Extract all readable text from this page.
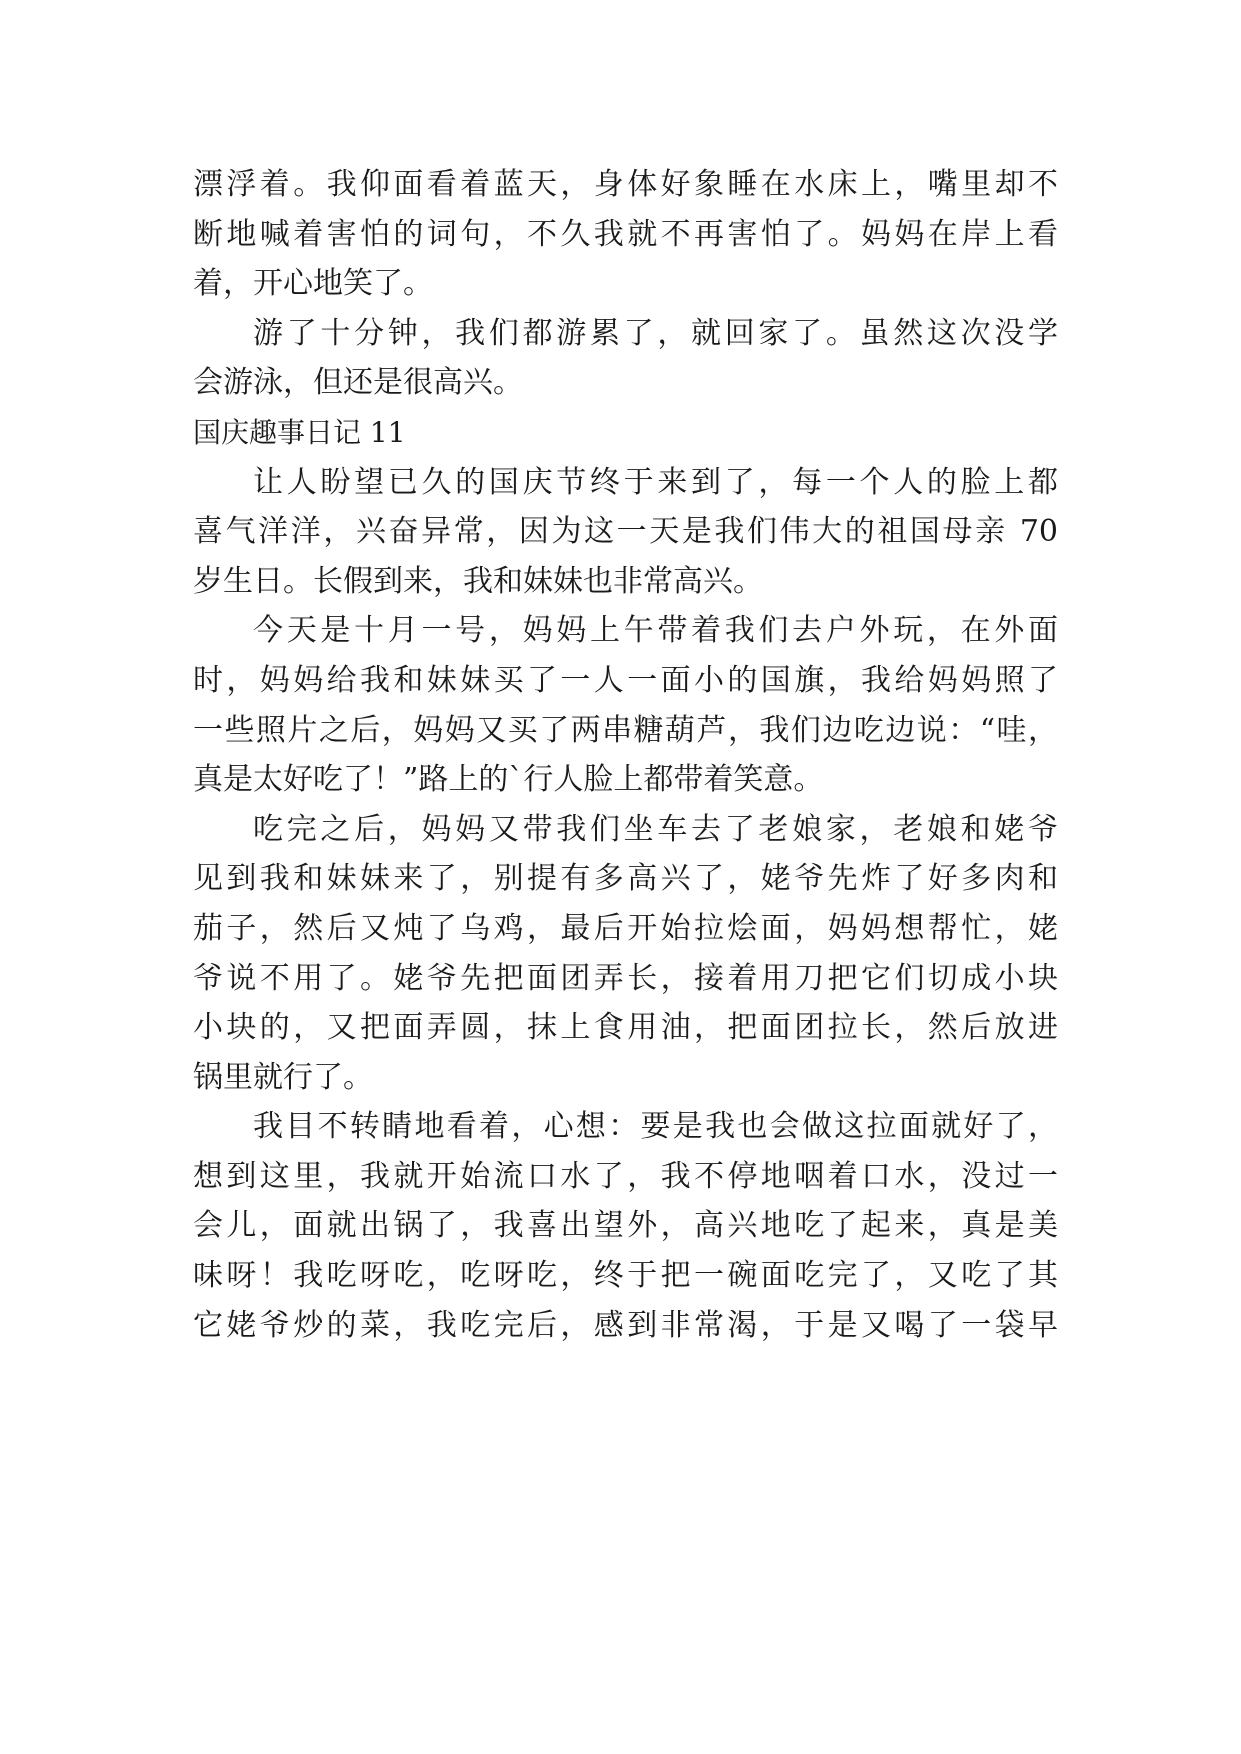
漂浮着。我仰面看着蓝天，身体好象睡在水床上，嘴里却不
断地喊着害怕的词句，不久我就不再害怕了。妈妈在岸上看
着，开心地笑了。
游了十分钟，我们都游累了，就回家了。虽然这次没学
会游泳，但还是很高兴。
国庆趣事日记 11
让人盼望已久的国庆节终于来到了，每一个人的脸上都
喜气洋洋，兴奋异常，因为这一天是我们伟大的祖国母亲 70
岁生日。长假到来，我和妹妹也非常高兴。
今天是十月一号，妈妈上午带着我们去户外玩，在外面
时，妈妈给我和妹妹买了一人一面小的国旗，我给妈妈照了
一些照片之后，妈妈又买了两串糖葫芦，我们边吃边说：“哇，
真是太好吃了！”路上的`行人脸上都带着笑意。
吃完之后，妈妈又带我们坐车去了老娘家，老娘和姥爷
见到我和妹妹来了，别提有多高兴了，姥爷先炸了好多肉和
茄子，然后又炖了乌鸡，最后开始拉烩面，妈妈想帮忙，姥
爷说不用了。姥爷先把面团弄长，接着用刀把它们切成小块
小块的，又把面弄圆，抹上食用油，把面团拉长，然后放进
锅里就行了。
我目不转睛地看着，心想：要是我也会做这拉面就好了，
想到这里，我就开始流口水了，我不停地咽着口水，没过一
会儿，面就出锅了，我喜出望外，高兴地吃了起来，真是美
味呀！我吃呀吃，吃呀吃，终于把一碗面吃完了，又吃了其
它姥爷炒的菜，我吃完后，感到非常渴，于是又喝了一袋早
